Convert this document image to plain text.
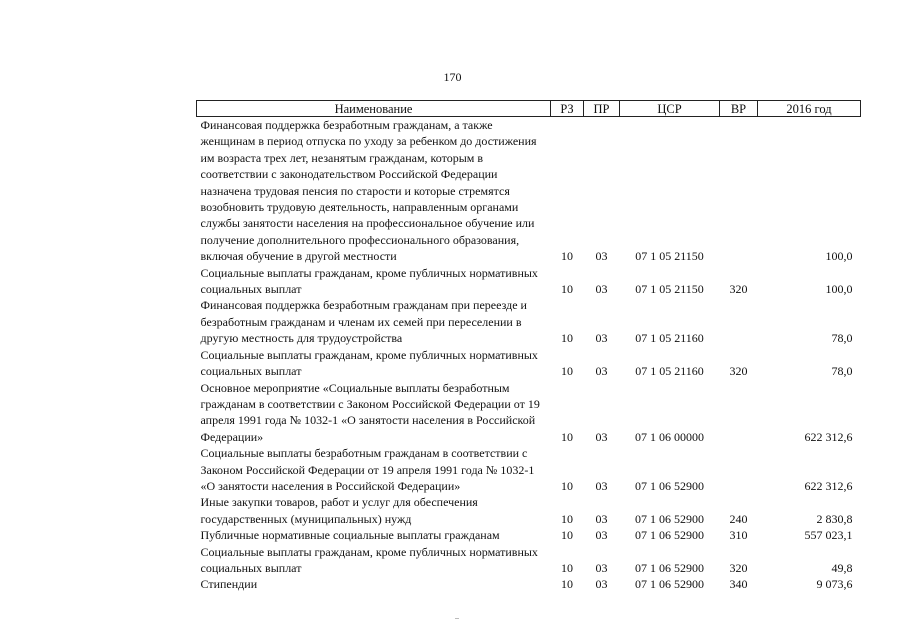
170
Наименование	РЗ	ПР	ЦСР	ВР	2016 год
Финансовая поддержка безработным гражданам, а также женщинам в период отпуска по уходу за ребенком до достижения им возраста трех лет, незанятым гражданам, которым в соответствии с законодательством Российской Федерации назначена трудовая пенсия по старости и которые стремятся возобновить трудовую деятельность, направленным органами службы занятости населения на профессиональное обучение или получение дополнительного профессионального образования, включая обучение в другой местности	10	03	07 1 05 21150		100,0
Социальные выплаты гражданам, кроме публичных нормативных социальных выплат	10	03	07 1 05 21150	320	100,0
Финансовая поддержка безработным гражданам при переезде и безработным гражданам и членам их семей при переселении в другую местность для трудоустройства	10	03	07 1 05 21160		78,0
Социальные выплаты гражданам, кроме публичных нормативных социальных выплат	10	03	07 1 05 21160	320	78,0
Основное мероприятие «Социальные выплаты безработным гражданам в соответствии с Законом Российской Федерации от 19 апреля 1991 года № 1032-1 «О занятости населения в Российской Федерации»	10	03	07 1 06 00000		622 312,6
Социальные выплаты безработным гражданам в соответствии с Законом Российской Федерации от 19 апреля 1991 года № 1032-1 «О занятости населения в Российской Федерации»	10	03	07 1 06 52900		622 312,6
Иные закупки товаров, работ и услуг для обеспечения государственных (муниципальных) нужд	10	03	07 1 06 52900	240	2 830,8
Публичные нормативные социальные выплаты гражданам	10	03	07 1 06 52900	310	557 023,1
Социальные выплаты гражданам, кроме публичных нормативных социальных выплат	10	03	07 1 06 52900	320	49,8
Стипендии	10	03	07 1 06 52900	340	9 073,6
